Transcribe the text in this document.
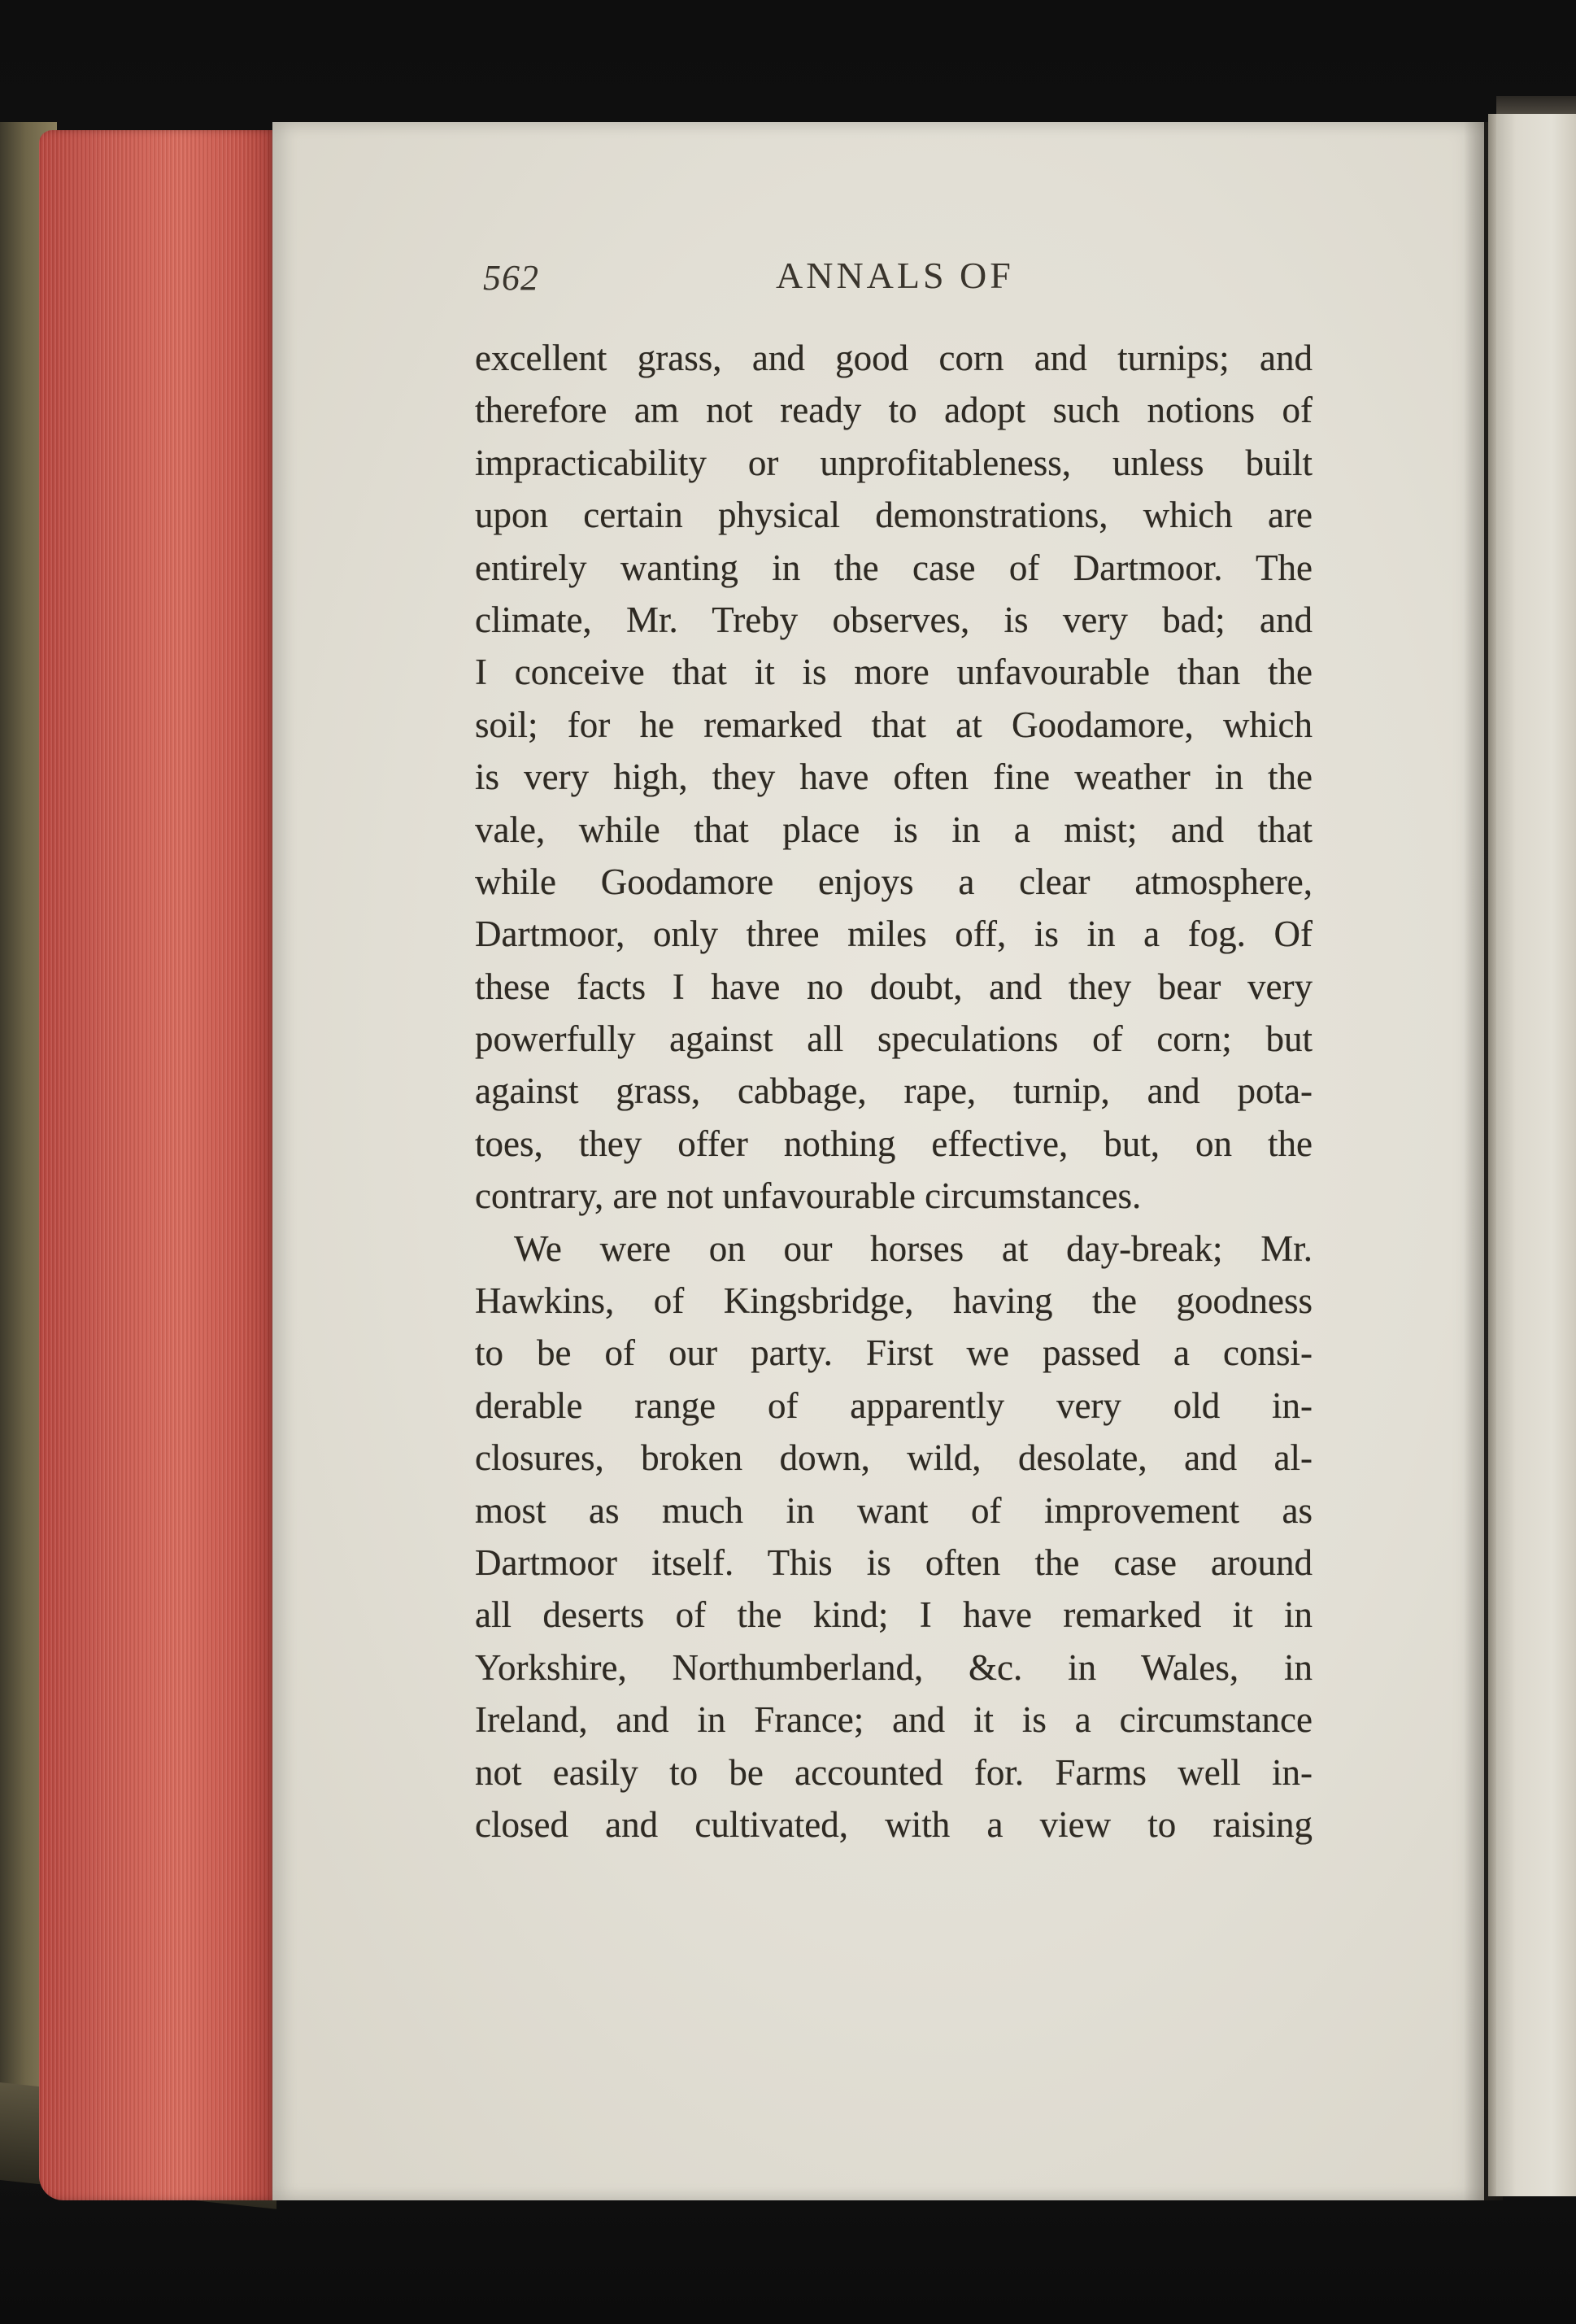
562	ANNALS OF
excellent grass, and good corn and turnips; and
therefore am not ready to adopt such notions of
impracticability or unprofitableness, unless built
upon certain physical demonstrations, which are
entirely wanting in the case of Dartmoor. The
climate, Mr. Treby observes, is very bad; and
I conceive that it is more unfavourable than the
soil; for he remarked that at Goodamore, which
is very high, they have often fine weather in the
vale, while that place is in a mist; and that
while Goodamore enjoys a clear atmosphere,
Dartmoor, only three miles off, is in a fog. Of
these facts I have no doubt, and they bear very
powerfully against all speculations of corn; but
against grass, cabbage, rape, turnip, and pota-
toes, they offer nothing effective, but, on the
contrary, are not unfavourable circumstances.
We were on our horses at day-break; Mr.
Hawkins, of Kingsbridge, having the goodness
to be of our party. First we passed a consi-
derable range of apparently very old in-
closures, broken down, wild, desolate, and al-
most as much in want of improvement as
Dartmoor itself. This is often the case around
all deserts of the kind; I have remarked it in
Yorkshire, Northumberland, &c. in Wales, in
Ireland, and in France; and it is a circumstance
not easily to be accounted for. Farms well in-
closed and cultivated, with a view to raising
